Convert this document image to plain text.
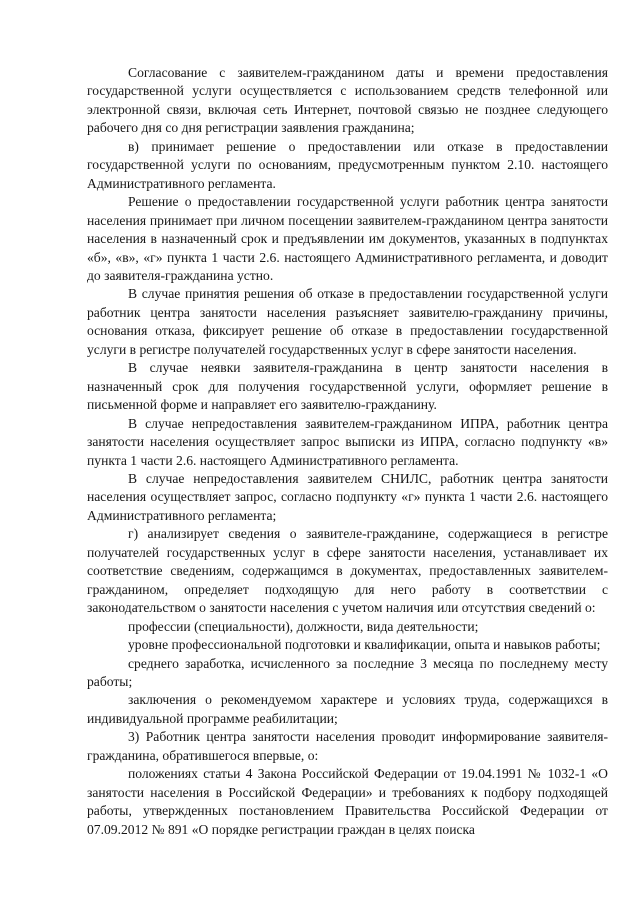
Согласование с заявителем-гражданином даты и времени предоставления государственной услуги осуществляется с использованием средств телефонной или электронной связи, включая сеть Интернет, почтовой связью не позднее следующего рабочего дня со дня регистрации заявления гражданина;

в) принимает решение о предоставлении или отказе в предоставлении государственной услуги по основаниям, предусмотренным пунктом 2.10. настоящего Административного регламента.

Решение о предоставлении государственной услуги работник центра занятости населения принимает при личном посещении заявителем-гражданином центра занятости населения в назначенный срок и предъявлении им документов, указанных в подпунктах «б», «в», «г» пункта 1 части 2.6. настоящего Административного регламента, и доводит до заявителя-гражданина устно.

В случае принятия решения об отказе в предоставлении государственной услуги работник центра занятости населения разъясняет заявителю-гражданину причины, основания отказа, фиксирует решение об отказе в предоставлении государственной услуги в регистре получателей государственных услуг в сфере занятости населения.

В случае неявки заявителя-гражданина в центр занятости населения в назначенный срок для получения государственной услуги, оформляет решение в письменной форме и направляет его заявителю-гражданину.

В случае непредоставления заявителем-гражданином ИПРА, работник центра занятости населения осуществляет запрос выписки из ИПРА, согласно подпункту «в» пункта 1 части 2.6. настоящего Административного регламента.

В случае непредоставления заявителем СНИЛС, работник центра занятости населения осуществляет запрос, согласно подпункту «г» пункта 1 части 2.6. настоящего Административного регламента;

г) анализирует сведения о заявителе-гражданине, содержащиеся в регистре получателей государственных услуг в сфере занятости населения, устанавливает их соответствие сведениям, содержащимся в документах, предоставленных заявителем-гражданином, определяет подходящую для него работу в соответствии с законодательством о занятости населения с учетом наличия или отсутствия сведений о:

профессии (специальности), должности, вида деятельности;

уровне профессиональной подготовки и квалификации, опыта и навыков работы;

среднего заработка, исчисленного за последние 3 месяца по последнему месту работы;

заключения о рекомендуемом характере и условиях труда, содержащихся в индивидуальной программе реабилитации;

3) Работник центра занятости населения проводит информирование заявителя-гражданина, обратившегося впервые, о:

положениях статьи 4 Закона Российской Федерации от 19.04.1991 № 1032-1 «О занятости населения в Российской Федерации» и требованиях к подбору подходящей работы, утвержденных постановлением Правительства Российской Федерации от 07.09.2012 № 891 «О порядке регистрации граждан в целях поиска
